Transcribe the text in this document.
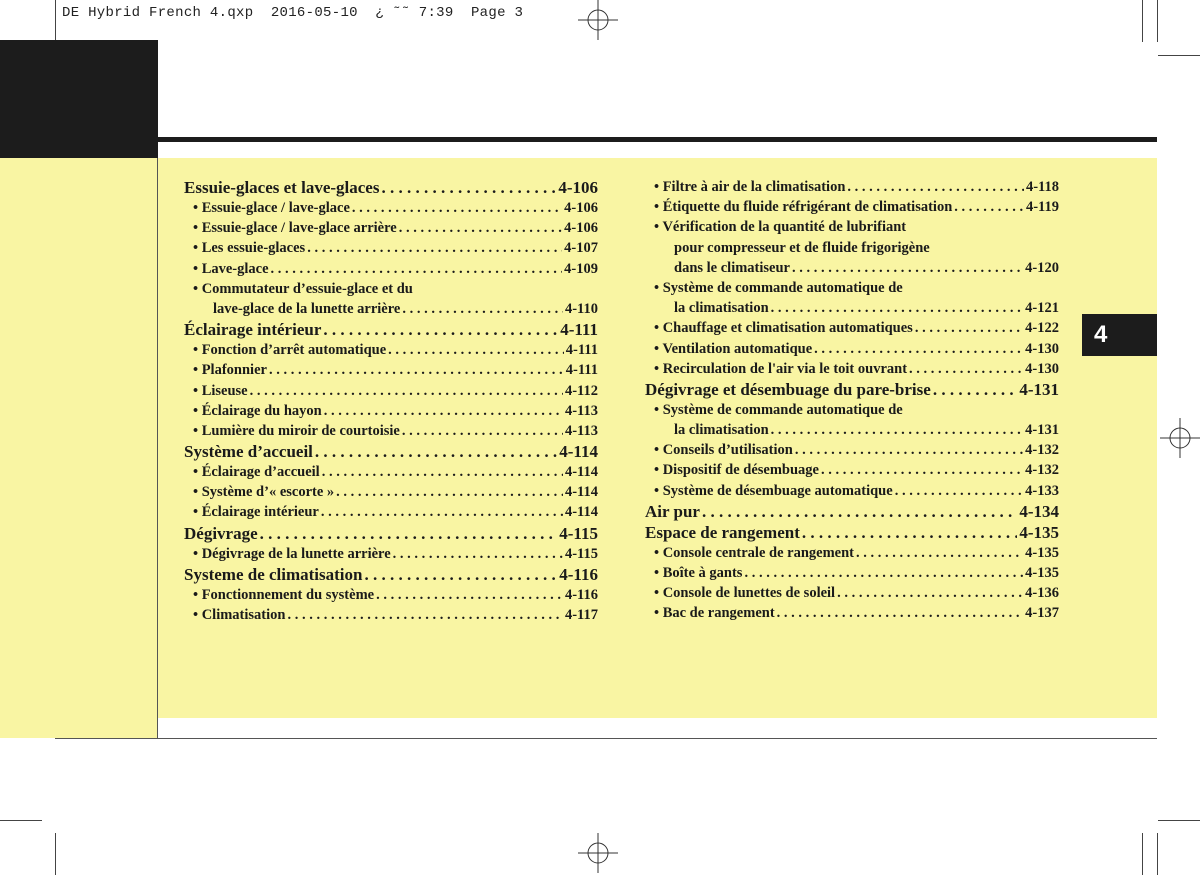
DE Hybrid French 4.qxp  2016-05-10  ¿ ˜˜ 7:39  Page 3
4
Essuie-glaces et lave-glaces . . .	4-106
• Essuie-glace / lave-glace . . .	4-106
• Essuie-glace / lave-glace arrière . . .	4-106
• Les essuie-glaces . . .	4-107
• Lave-glace . . .	4-109
• Commutateur d’essuie-glace et du
lave-glace de la lunette arrière . . .	4-110
Éclairage intérieur . . .	4-111
• Fonction d’arrêt automatique . . .	4-111
• Plafonnier . . .	4-111
• Liseuse . . .	4-112
• Éclairage du hayon . . .	4-113
• Lumière du miroir de courtoisie . . .	4-113
Système d’accueil . . .	4-114
• Éclairage d’accueil . . .	4-114
• Système d’« escorte » . . .	4-114
• Éclairage intérieur . . .	4-114
Dégivrage . . .	4-115
• Dégivrage de la lunette arrière . . .	4-115
Systeme de climatisation . . .	4-116
• Fonctionnement du système . . .	4-116
• Climatisation . . .	4-117
• Filtre à air de la climatisation . . .	4-118
• Étiquette du fluide réfrigérant de climatisation . . .	4-119
• Vérification de la quantité de lubrifiant
pour compresseur et de fluide frigorigène
dans le climatiseur . . .	4-120
• Système de commande automatique de
la climatisation . . .	4-121
• Chauffage et climatisation automatiques . . .	4-122
• Ventilation automatique . . .	4-130
• Recirculation de l'air via le toit ouvrant . . .	4-130
Dégivrage et désembuage du pare-brise . . .	4-131
• Système de commande automatique de
la climatisation . . .	4-131
• Conseils d’utilisation . . .	4-132
• Dispositif de désembuage . . .	4-132
• Système de désembuage automatique . . .	4-133
Air pur . . .	4-134
Espace de rangement . . .	4-135
• Console centrale de rangement . . .	4-135
• Boîte à gants . . .	4-135
• Console de lunettes de soleil . . .	4-136
• Bac de rangement . . .	4-137
